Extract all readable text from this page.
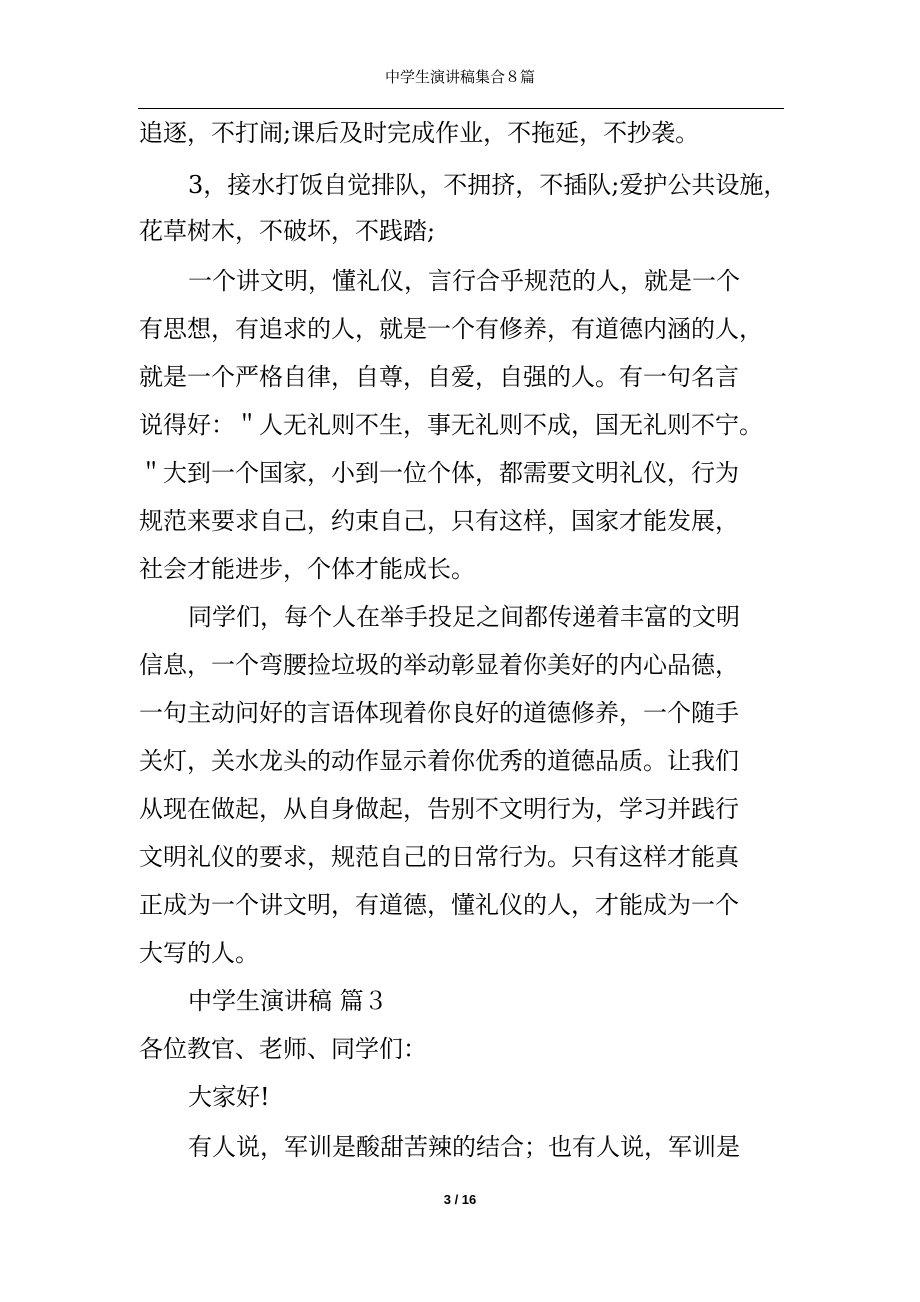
中学生演讲稿集合８篇
追逐，不打闹;课后及时完成作业，不拖延，不抄袭。
3，接水打饭自觉排队，不拥挤，不插队;爱护公共设施，
花草树木，不破坏，不践踏;
一个讲文明，懂礼仪，言行合乎规范的人，就是一个
有思想，有追求的人，就是一个有修养，有道德内涵的人，
就是一个严格自律，自尊，自爱，自强的人。有一句名言
说得好：＂人无礼则不生，事无礼则不成，国无礼则不宁。
＂大到一个国家，小到一位个体，都需要文明礼仪，行为
规范来要求自己，约束自己，只有这样，国家才能发展，
社会才能进步，个体才能成长。
同学们，每个人在举手投足之间都传递着丰富的文明
信息，一个弯腰捡垃圾的举动彰显着你美好的内心品德，
一句主动问好的言语体现着你良好的道德修养，一个随手
关灯，关水龙头的动作显示着你优秀的道德品质。让我们
从现在做起，从自身做起，告别不文明行为，学习并践行
文明礼仪的要求，规范自己的日常行为。只有这样才能真
正成为一个讲文明，有道德，懂礼仪的人，才能成为一个
大写的人。
中学生演讲稿 篇３
各位教官、老师、同学们：
大家好!
有人说，军训是酸甜苦辣的结合；也有人说，军训是
3 / 16
